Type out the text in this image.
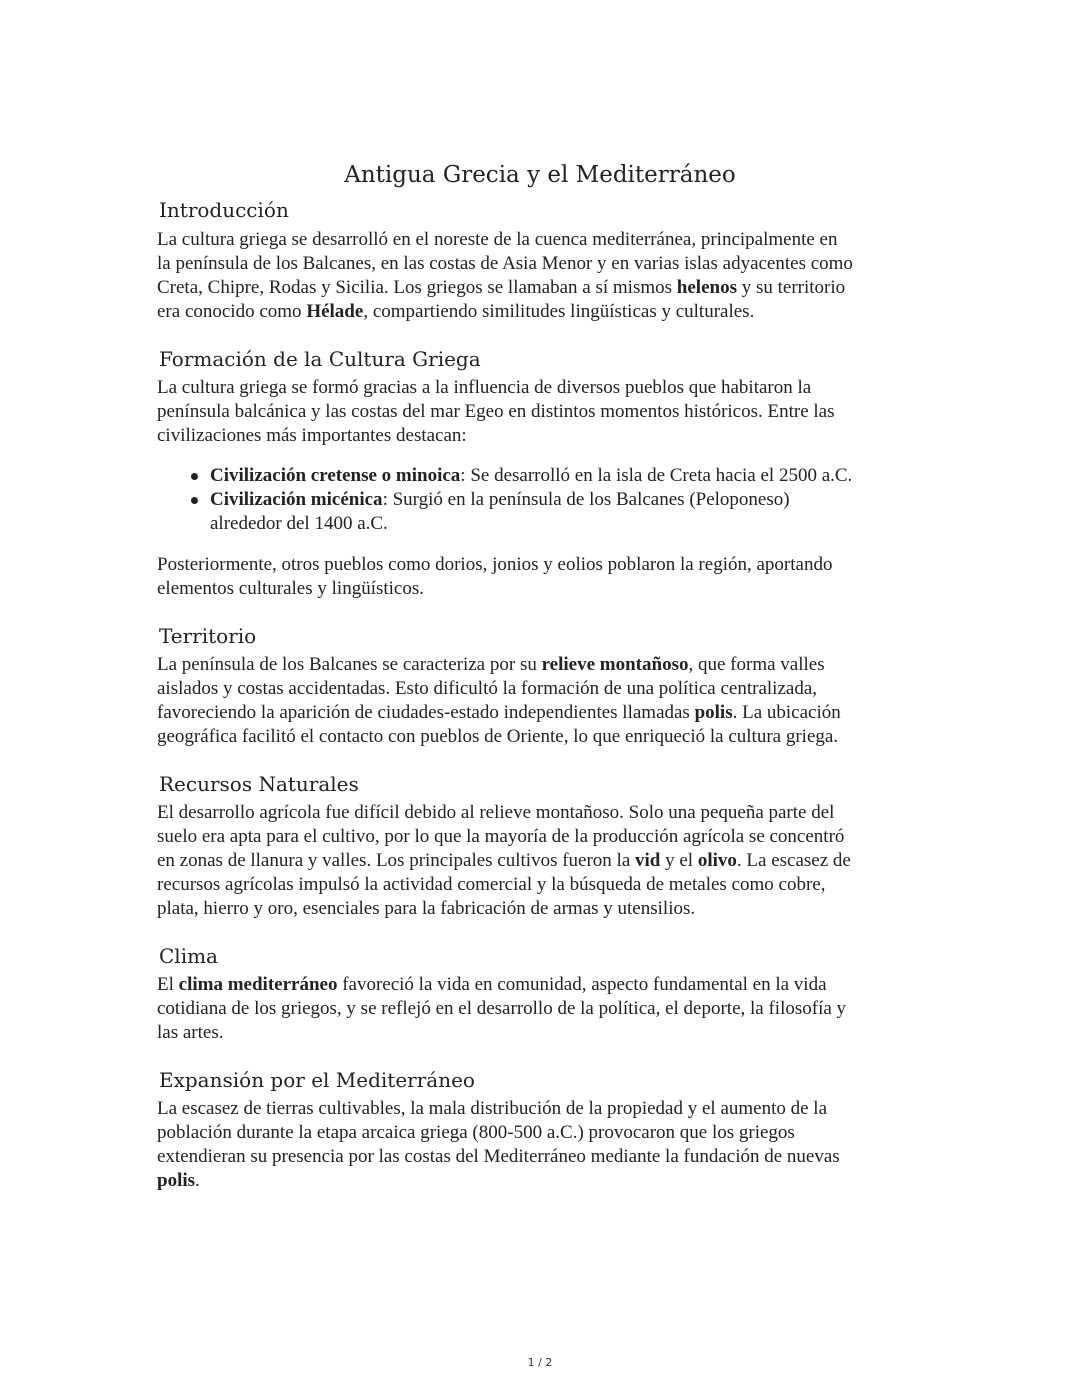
Antigua Grecia y el Mediterráneo
Introducción
La cultura griega se desarrolló en el noreste de la cuenca mediterránea, principalmente en
la península de los Balcanes, en las costas de Asia Menor y en varias islas adyacentes como
Creta, Chipre, Rodas y Sicilia. Los griegos se llamaban a sí mismos helenos y su territorio
era conocido como Hélade, compartiendo similitudes lingüísticas y culturales.
Formación de la Cultura Griega
La cultura griega se formó gracias a la influencia de diversos pueblos que habitaron la
península balcánica y las costas del mar Egeo en distintos momentos históricos. Entre las
civilizaciones más importantes destacan:
Civilización cretense o minoica: Se desarrolló en la isla de Creta hacia el 2500 a.C.
Civilización micénica: Surgió en la península de los Balcanes (Peloponeso)
alrededor del 1400 a.C.
Posteriormente, otros pueblos como dorios, jonios y eolios poblaron la región, aportando
elementos culturales y lingüísticos.
Territorio
La península de los Balcanes se caracteriza por su relieve montañoso, que forma valles
aislados y costas accidentadas. Esto dificultó la formación de una política centralizada,
favoreciendo la aparición de ciudades-estado independientes llamadas polis. La ubicación
geográfica facilitó el contacto con pueblos de Oriente, lo que enriqueció la cultura griega.
Recursos Naturales
El desarrollo agrícola fue difícil debido al relieve montañoso. Solo una pequeña parte del
suelo era apta para el cultivo, por lo que la mayoría de la producción agrícola se concentró
en zonas de llanura y valles. Los principales cultivos fueron la vid y el olivo. La escasez de
recursos agrícolas impulsó la actividad comercial y la búsqueda de metales como cobre,
plata, hierro y oro, esenciales para la fabricación de armas y utensilios.
Clima
El clima mediterráneo favoreció la vida en comunidad, aspecto fundamental en la vida
cotidiana de los griegos, y se reflejó en el desarrollo de la política, el deporte, la filosofía y
las artes.
Expansión por el Mediterráneo
La escasez de tierras cultivables, la mala distribución de la propiedad y el aumento de la
población durante la etapa arcaica griega (800-500 a.C.) provocaron que los griegos
extendieran su presencia por las costas del Mediterráneo mediante la fundación de nuevas
polis.
1 / 2
